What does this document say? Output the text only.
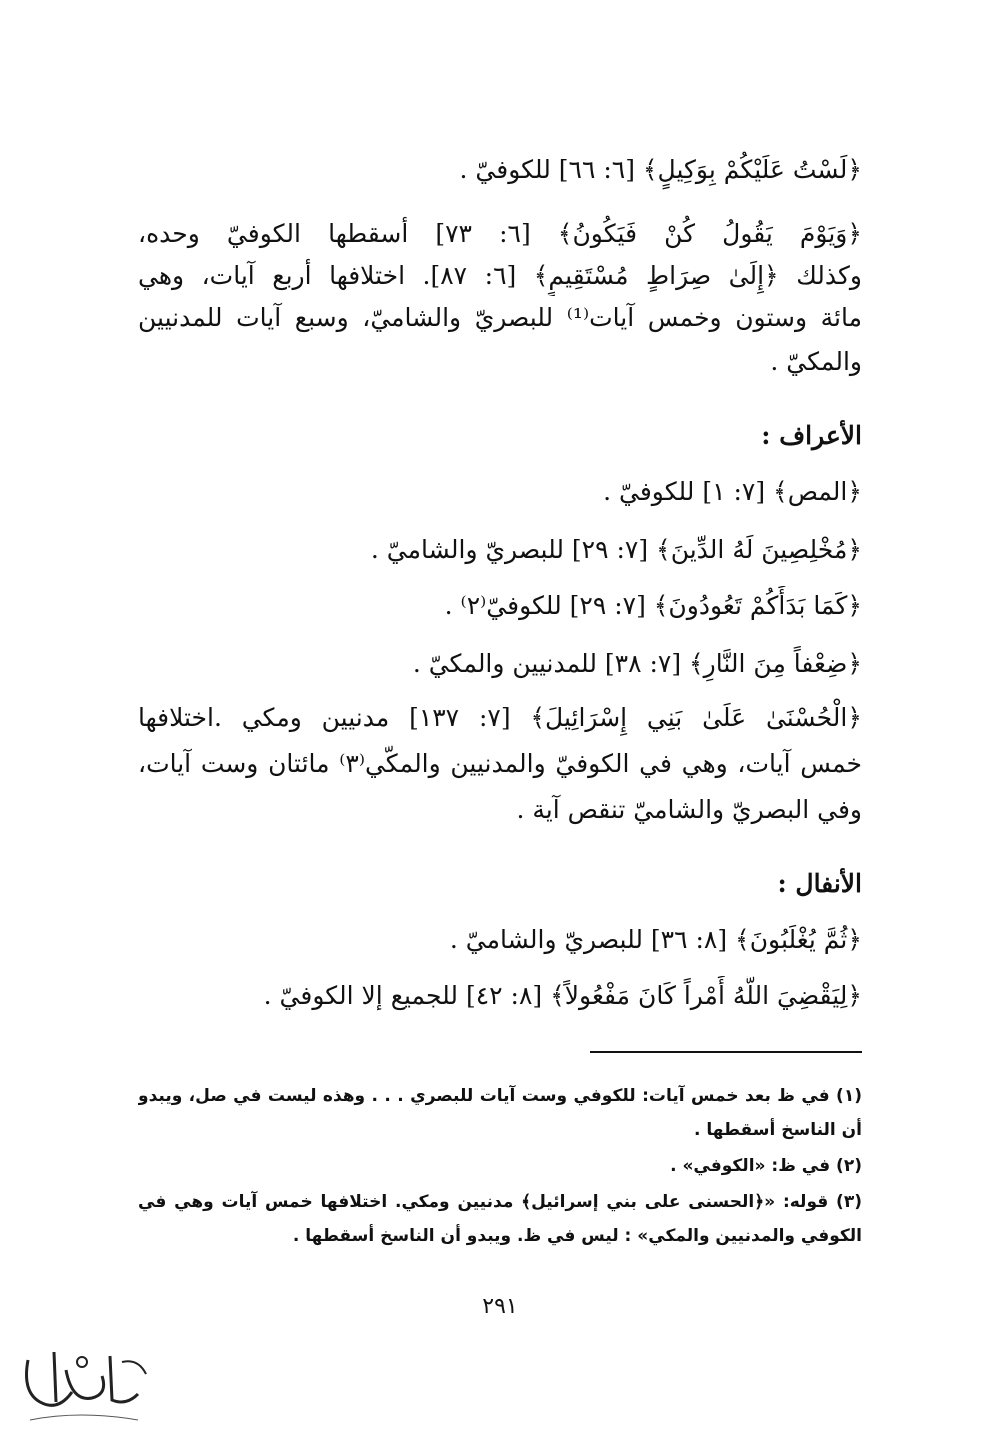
﴿لَسْتُ عَلَيْكُمْ بِوَكِيلٍ﴾ [٦: ٦٦] للكوفيّ .
﴿وَيَوْمَ يَقُولُ كُنْ فَيَكُونُ﴾ [٦: ٧٣] أسقطها الكوفيّ وحده،
وكذلك ﴿إِلَىٰ صِرَاطٍ مُسْتَقِيمٍ﴾ [٦: ٨٧]. اختلافها أربع آيات، وهي
مائة وستون وخمس آيات⁽¹⁾ للبصريّ والشاميّ، وسبع آيات للمدنيين
والمكيّ .
الأعراف :
﴿المص﴾ [٧: ١] للكوفيّ .
﴿مُخْلِصِينَ لَهُ الدِّينَ﴾ [٧: ٢٩] للبصريّ والشاميّ .
﴿كَمَا بَدَأَكُمْ تَعُودُونَ﴾ [٧: ٢٩] للكوفيّ⁽٢⁾ .
﴿ضِعْفاً مِنَ النَّارِ﴾ [٧: ٣٨] للمدنيين والمكيّ .
﴿الْحُسْنَىٰ عَلَىٰ بَنِي إِسْرَائِيلَ﴾ [٧: ١٣٧] مدنيين ومكي .اختلافها
خمس آيات، وهي في الكوفيّ والمدنيين والمكّي⁽٣⁾ مائتان وست آيات،
وفي البصريّ والشاميّ تنقص آية .
الأنفال :
﴿ثُمَّ يُغْلَبُونَ﴾ [٨: ٣٦] للبصريّ والشاميّ .
﴿لِيَقْضِيَ اللَّهُ أَمْراً كَانَ مَفْعُولاً﴾ [٨: ٤٢] للجميع إلا الكوفيّ .
(١) في ظ بعد خمس آيات: للكوفي وست آيات للبصري . . . وهذه ليست في صل، ويبدو
أن الناسخ أسقطها .
(٢) في ظ: «الكوفي» .
(٣) قوله: «﴿الحسنى على بني إسرائيل﴾ مدنيين ومكي. اختلافها خمس آيات وهي في
الكوفي والمدنيين والمكي» : ليس في ظ. ويبدو أن الناسخ أسقطها .
٢٩١
